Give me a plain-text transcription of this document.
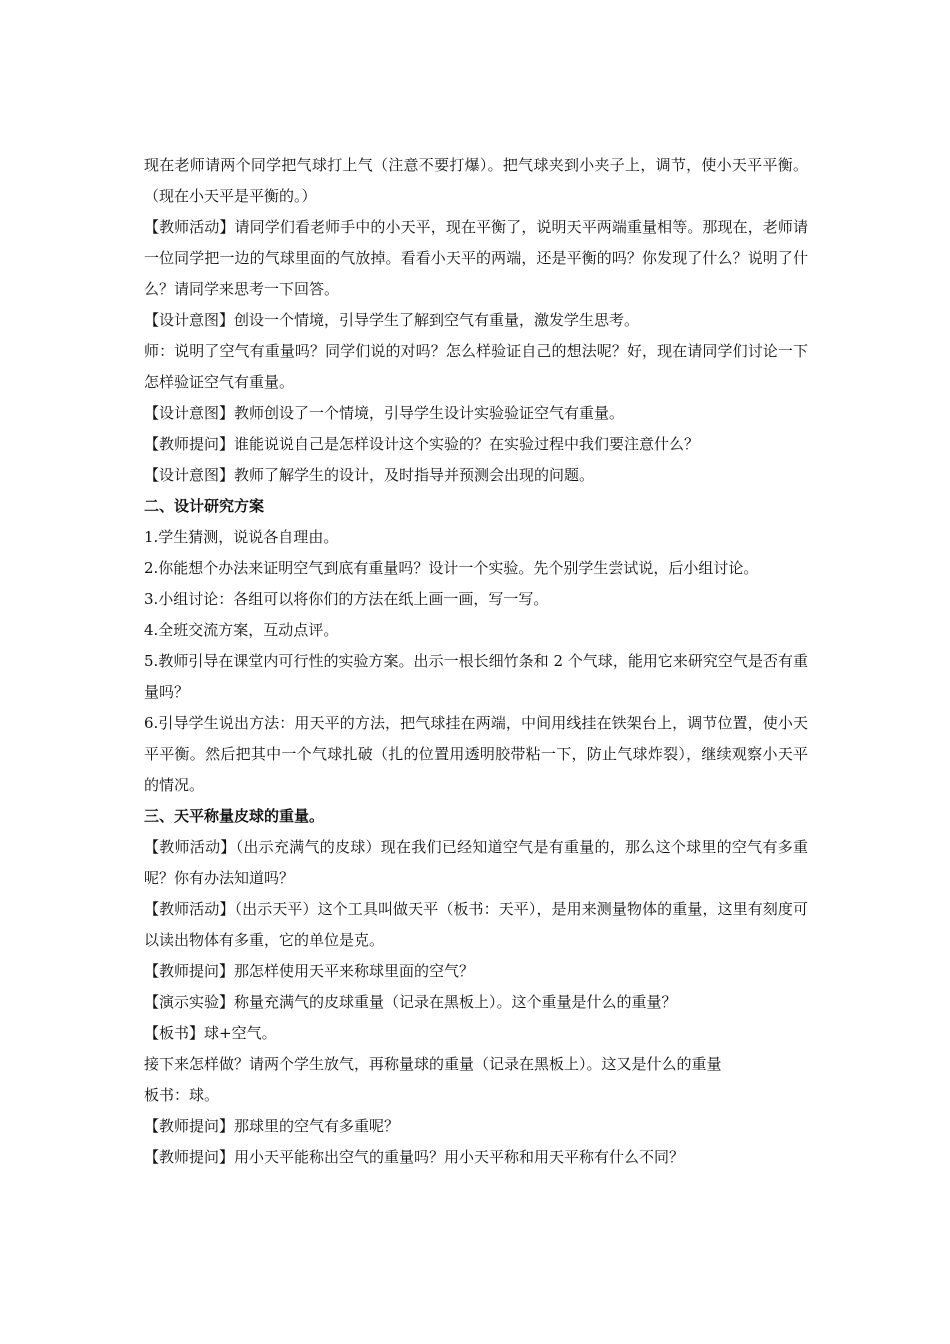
现在老师请两个同学把气球打上气（注意不要打爆）。把气球夹到小夹子上，调节，使小天平平衡。（现在小天平是平衡的。）

【教师活动】请同学们看老师手中的小天平，现在平衡了，说明天平两端重量相等。那现在，老师请一位同学把一边的气球里面的气放掉。看看小天平的两端，还是平衡的吗？你发现了什么？说明了什么？请同学来思考一下回答。

【设计意图】创设一个情境，引导学生了解到空气有重量，激发学生思考。

师：说明了空气有重量吗？同学们说的对吗？怎么样验证自己的想法呢？好，现在请同学们讨论一下怎样验证空气有重量。

【设计意图】教师创设了一个情境，引导学生设计实验验证空气有重量。

【教师提问】谁能说说自己是怎样设计这个实验的？在实验过程中我们要注意什么？

【设计意图】教师了解学生的设计，及时指导并预测会出现的问题。

二、设计研究方案

1.学生猜测，说说各自理由。

2.你能想个办法来证明空气到底有重量吗？设计一个实验。先个别学生尝试说，后小组讨论。

3.小组讨论：各组可以将你们的方法在纸上画一画，写一写。

4.全班交流方案，互动点评。

5.教师引导在课堂内可行性的实验方案。出示一根长细竹条和 2 个气球，能用它来研究空气是否有重量吗？

6.引导学生说出方法：用天平的方法，把气球挂在两端，中间用线挂在铁架台上，调节位置，使小天平平衡。然后把其中一个气球扎破（扎的位置用透明胶带粘一下，防止气球炸裂），继续观察小天平的情况。

三、天平称量皮球的重量。

【教师活动】（出示充满气的皮球）现在我们已经知道空气是有重量的，那么这个球里的空气有多重呢？你有办法知道吗？

【教师活动】（出示天平）这个工具叫做天平（板书：天平），是用来测量物体的重量，这里有刻度可以读出物体有多重，它的单位是克。

【教师提问】那怎样使用天平来称球里面的空气？

【演示实验】称量充满气的皮球重量（记录在黑板上）。这个重量是什么的重量？

【板书】球+空气。

接下来怎样做？请两个学生放气，再称量球的重量（记录在黑板上）。这又是什么的重量

板书：球。

【教师提问】那球里的空气有多重呢？

【教师提问】用小天平能称出空气的重量吗？用小天平称和用天平称有什么不同？
